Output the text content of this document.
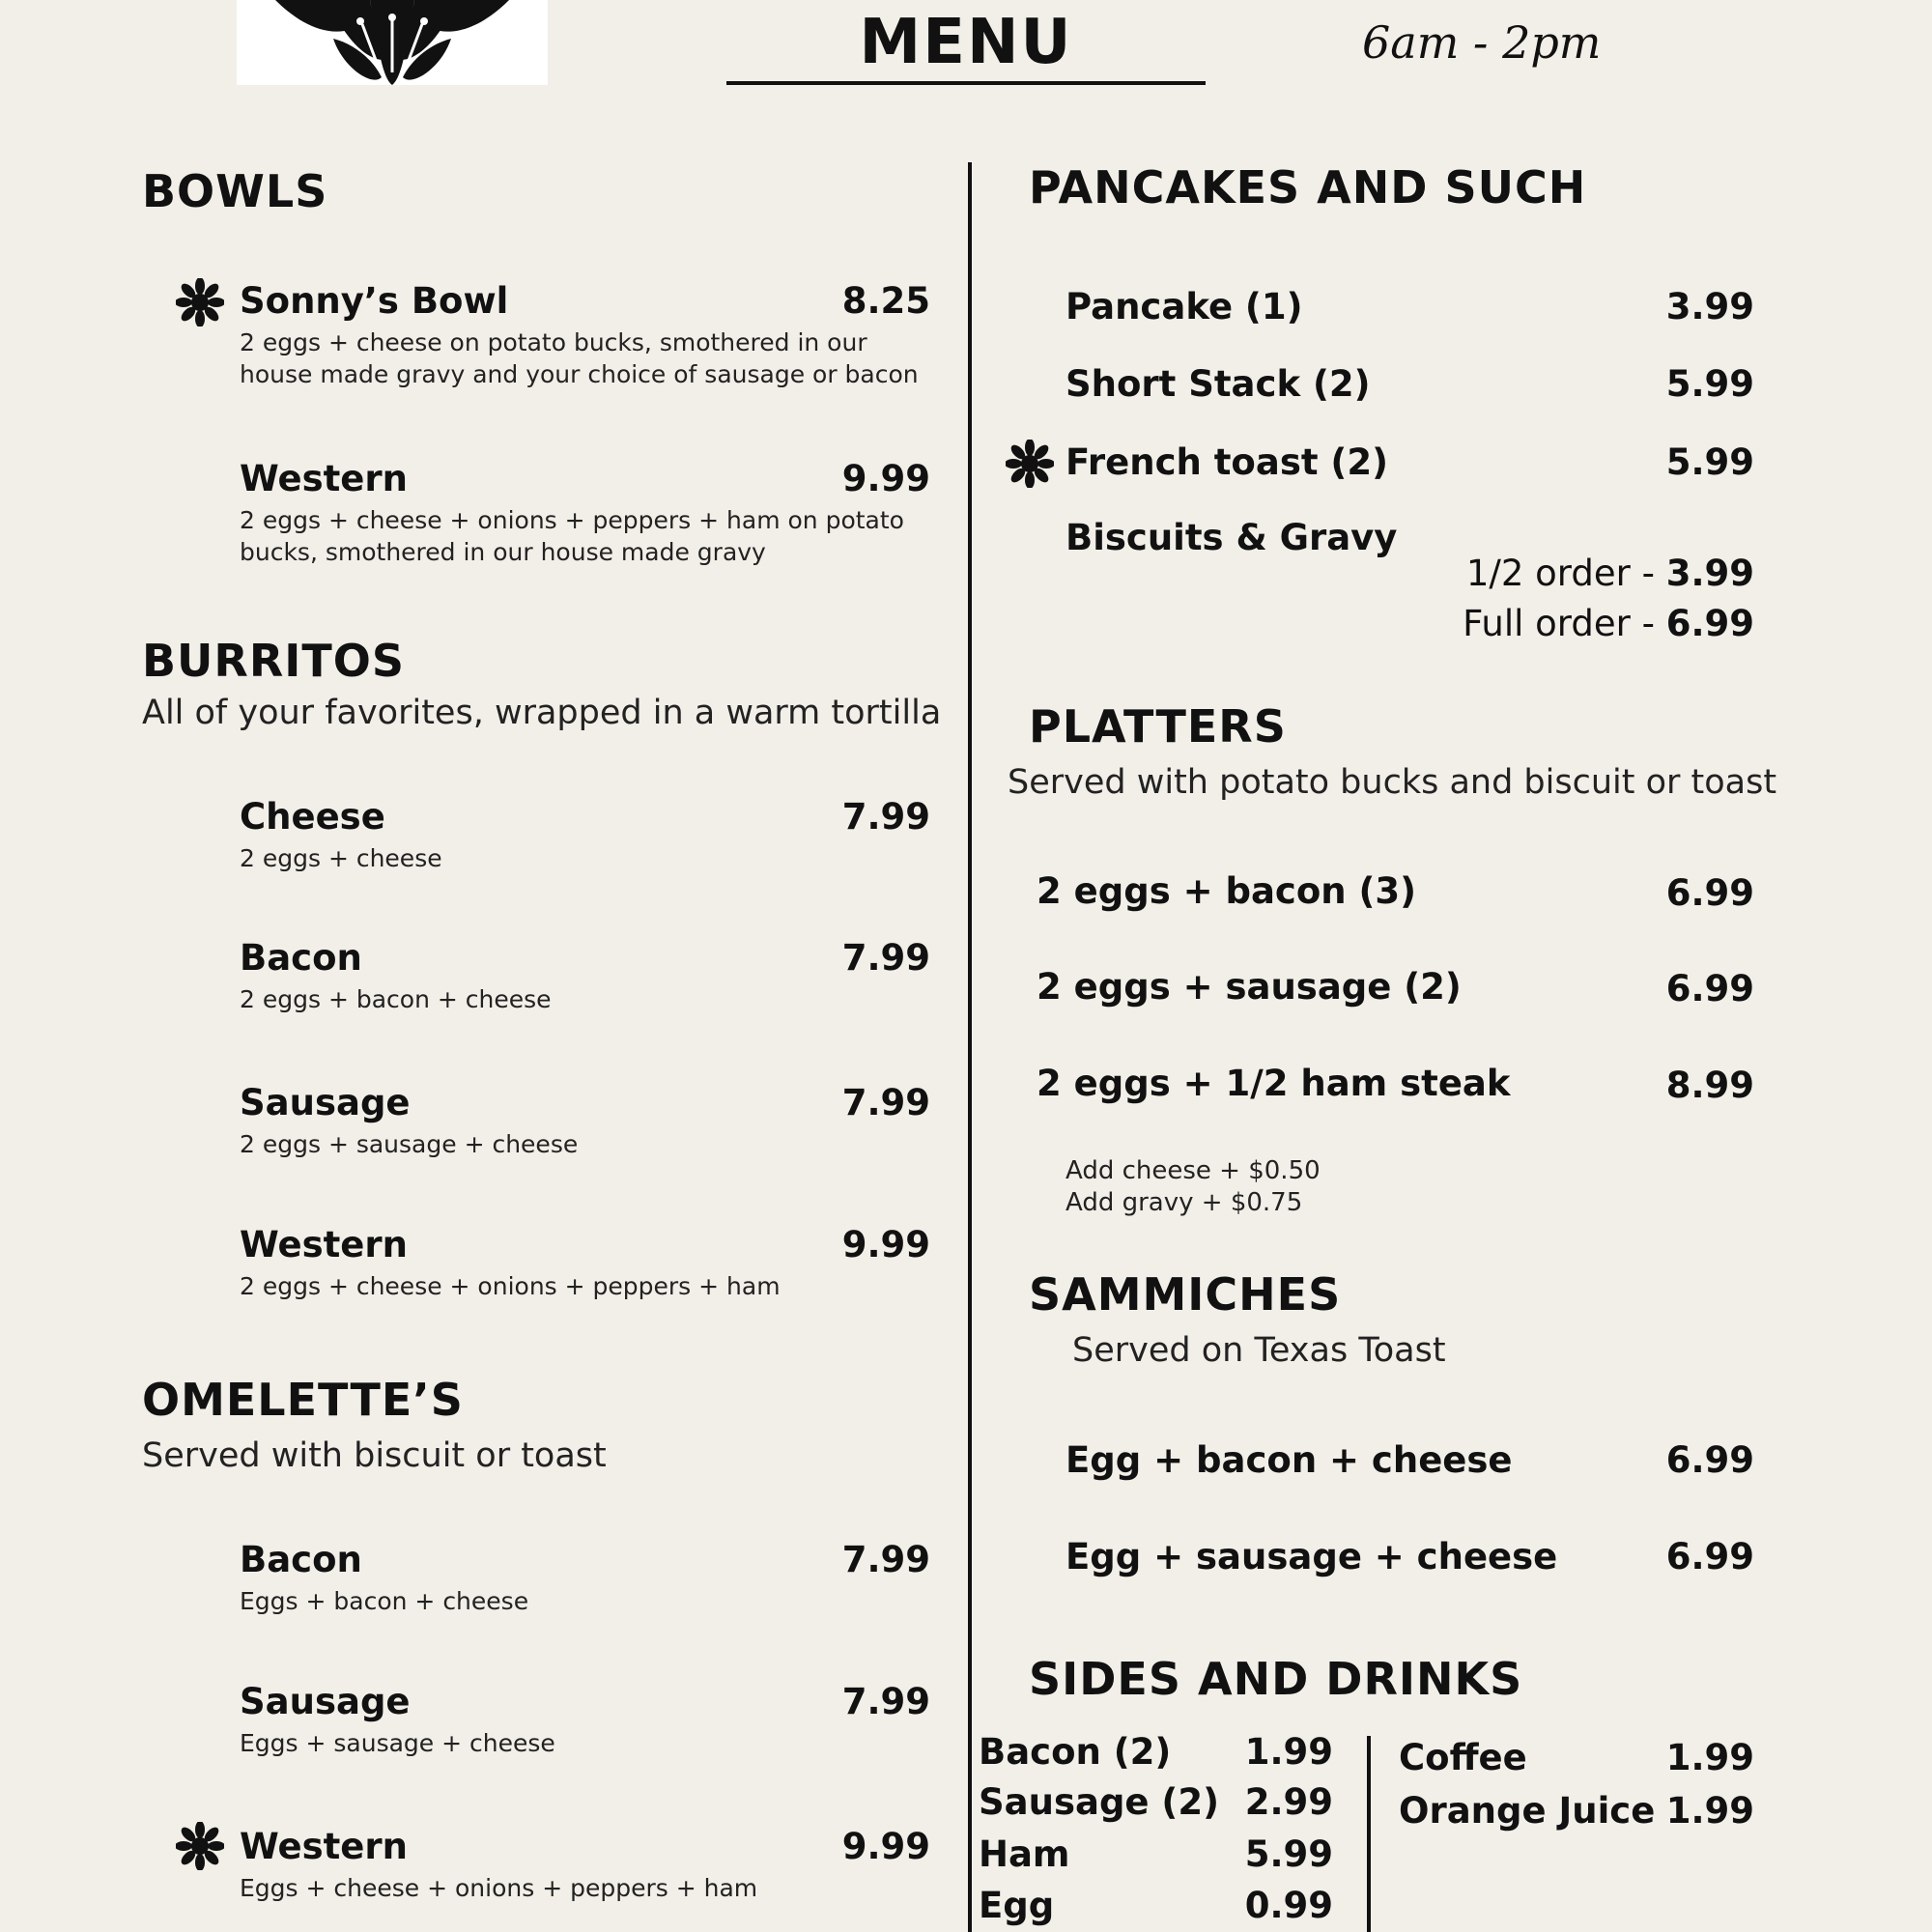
MENU	6am - 2pm
BOWLS
Sonny’s Bowl	8.25
2 eggs + cheese on potato bucks, smothered in our house made gravy and your choice of sausage or bacon
Western	9.99
2 eggs + cheese + onions + peppers + ham on potato bucks, smothered in our house made gravy
BURRITOS
All of your favorites, wrapped in a warm tortilla
Cheese	7.99
2 eggs + cheese
Bacon	7.99
2 eggs + bacon + cheese
Sausage	7.99
2 eggs + sausage + cheese
Western	9.99
2 eggs + cheese + onions + peppers + ham
OMELETTE’S
Served with biscuit or toast
Bacon	7.99
Eggs + bacon + cheese
Sausage	7.99
Eggs + sausage + cheese
Western	9.99
Eggs + cheese + onions + peppers + ham
PANCAKES AND SUCH
Pancake (1)	3.99
Short Stack (2)	5.99
French toast (2)	5.99
Biscuits & Gravy
1/2 order - 3.99
Full order - 6.99
PLATTERS
Served with potato bucks and biscuit or toast
2 eggs + bacon (3)	6.99
2 eggs + sausage (2)	6.99
2 eggs + 1/2 ham steak	8.99
Add cheese + $0.50
Add gravy + $0.75
SAMMICHES
Served on Texas Toast
Egg + bacon + cheese	6.99
Egg + sausage + cheese	6.99
SIDES AND DRINKS
Bacon (2) 1.99
Sausage (2) 2.99
Ham	5.99
Egg	0.99
Coffee	1.99
Orange Juice 1.99
